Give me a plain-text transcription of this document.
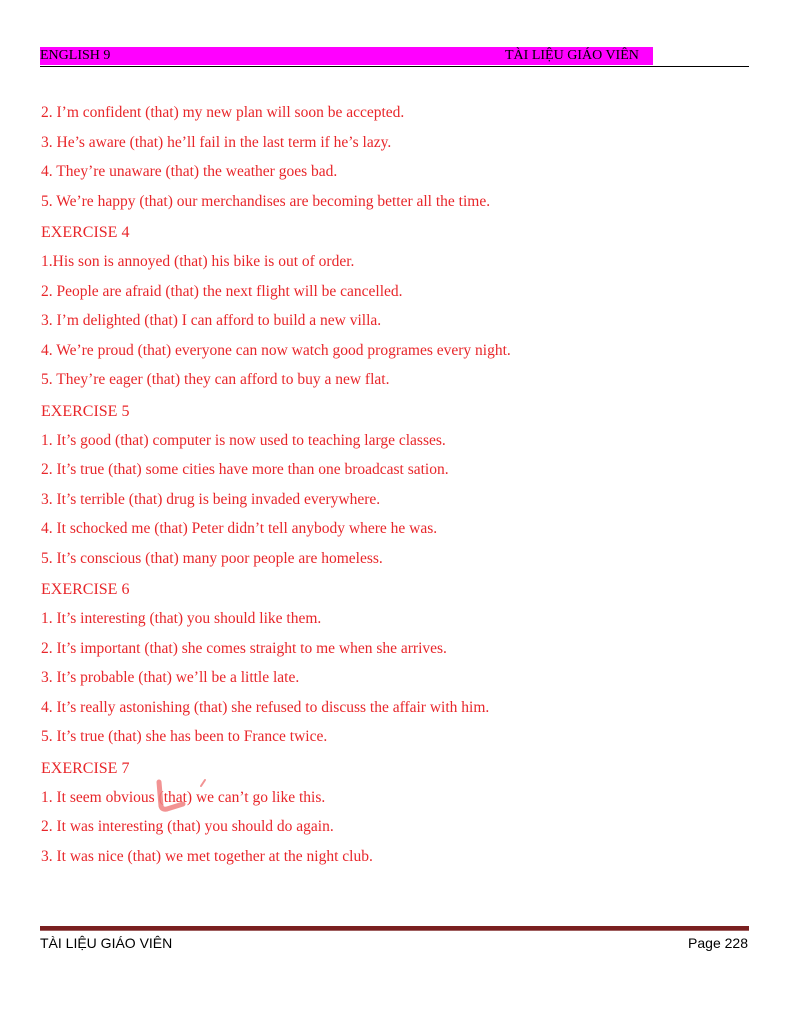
ENGLISH 9	TÀI LIỆU GIÁO VIÊN
2. I’m confident (that) my new plan will soon be accepted.
3. He’s aware (that) he’ll fail in the last term if he’s lazy.
4. They’re unaware (that) the weather goes bad.
5. We’re happy (that) our merchandises are becoming better all the time.
EXERCISE 4
1.His son is annoyed (that) his bike is out of order.
2. People are afraid (that) the next flight will be cancelled.
3. I’m delighted (that) I can afford to build a new villa.
4. We’re proud (that) everyone can now watch good programes every night.
5. They’re eager (that) they can afford to buy a new flat.
EXERCISE 5
1. It’s good (that) computer is now used to teaching large classes.
2. It’s true (that) some cities have more than one broadcast sation.
3. It’s terrible (that) drug is being invaded everywhere.
4. It schocked me (that) Peter didn’t tell anybody where he was.
5. It’s conscious (that) many poor people are homeless.
EXERCISE 6
1. It’s interesting (that) you should like them.
2. It’s important (that) she comes straight to me when she arrives.
3. It’s probable (that) we’ll be a little late.
4. It’s really astonishing (that) she refused to discuss the affair with him.
5. It’s true (that) she has been to France twice.
EXERCISE 7
1. It seem obvious (that) we can’t go like this.
2. It was interesting (that) you should do again.
3. It was nice (that) we met together at the night club.
TÀI LIỆU GIÁO VIÊN	Page 228
